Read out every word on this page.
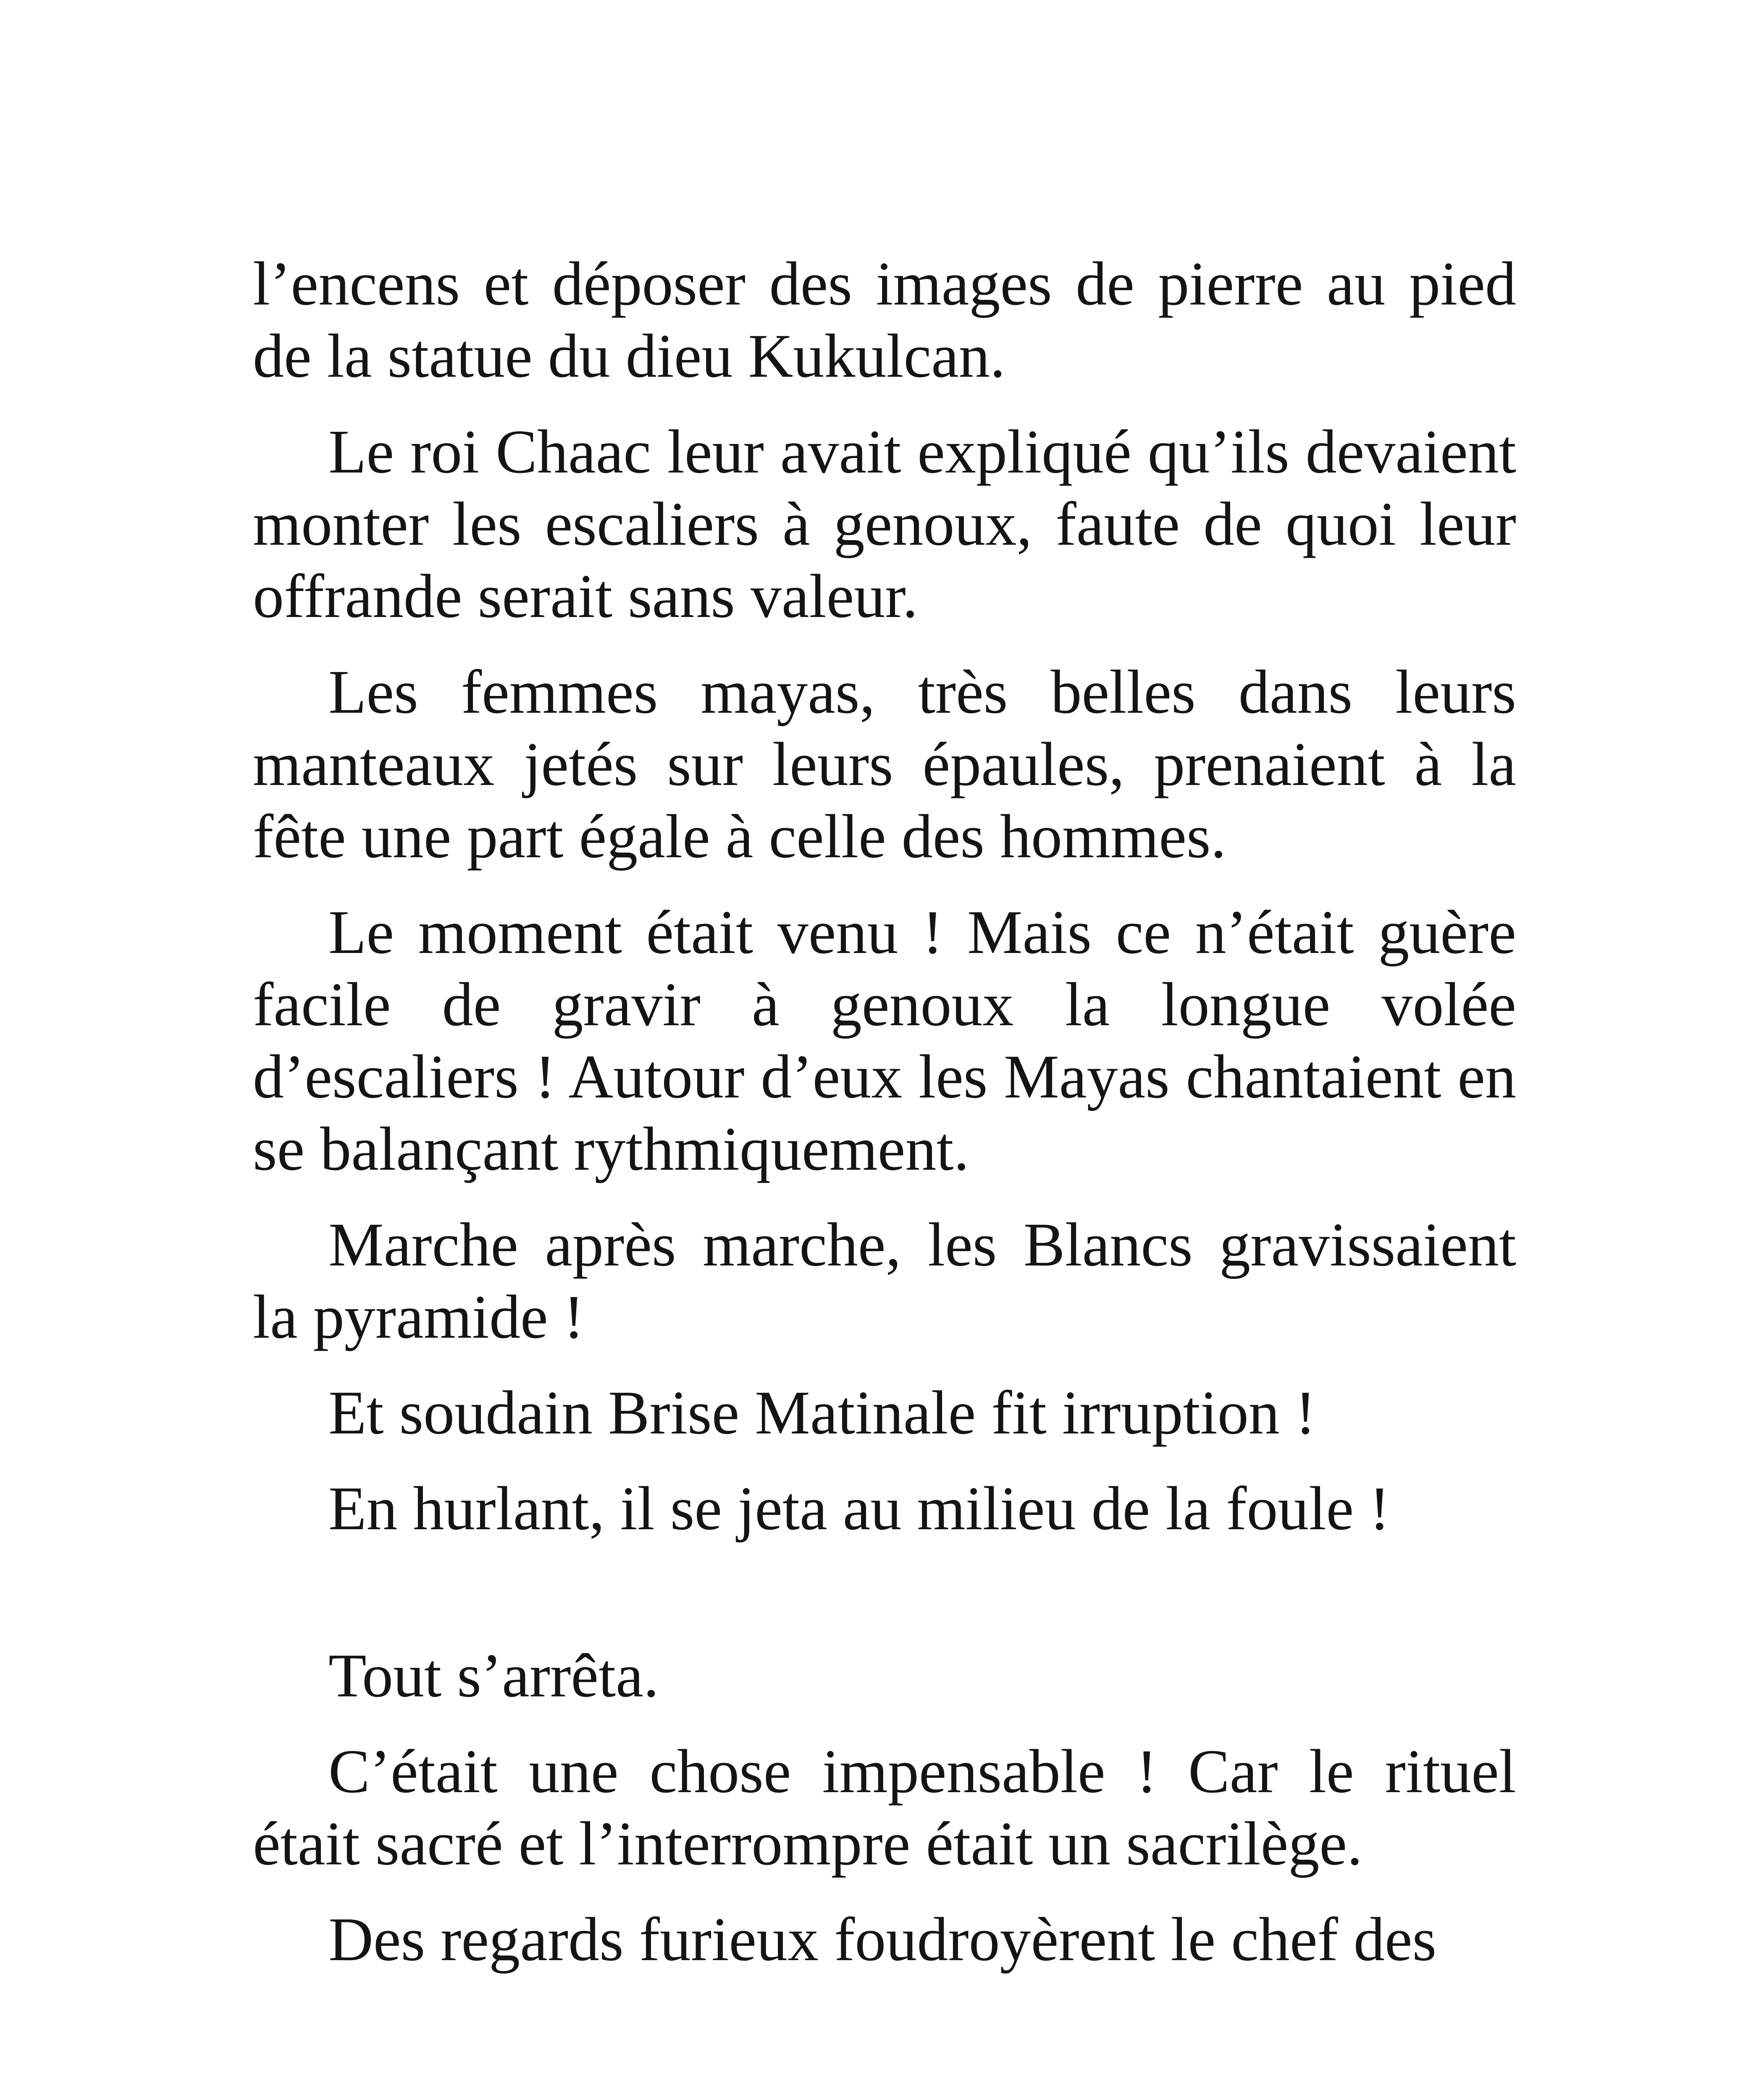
l’encens et déposer des images de pierre au pied de la statue du dieu Kukulcan.

Le roi Chaac leur avait expliqué qu’ils devaient monter les escaliers à genoux, faute de quoi leur offrande serait sans valeur.

Les femmes mayas, très belles dans leurs manteaux jetés sur leurs épaules, prenaient à la fête une part égale à celle des hommes.

Le moment était venu ! Mais ce n’était guère facile de gravir à genoux la longue volée d’escaliers ! Autour d’eux les Mayas chantaient en se balançant rythmiquement.

Marche après marche, les Blancs gravissaient la pyramide !

Et soudain Brise Matinale fit irruption !

En hurlant, il se jeta au milieu de la foule !

Tout s’arrêta.

C’était une chose impensable ! Car le rituel était sacré et l’interrompre était un sacrilège.

Des regards furieux foudroyèrent le chef des
